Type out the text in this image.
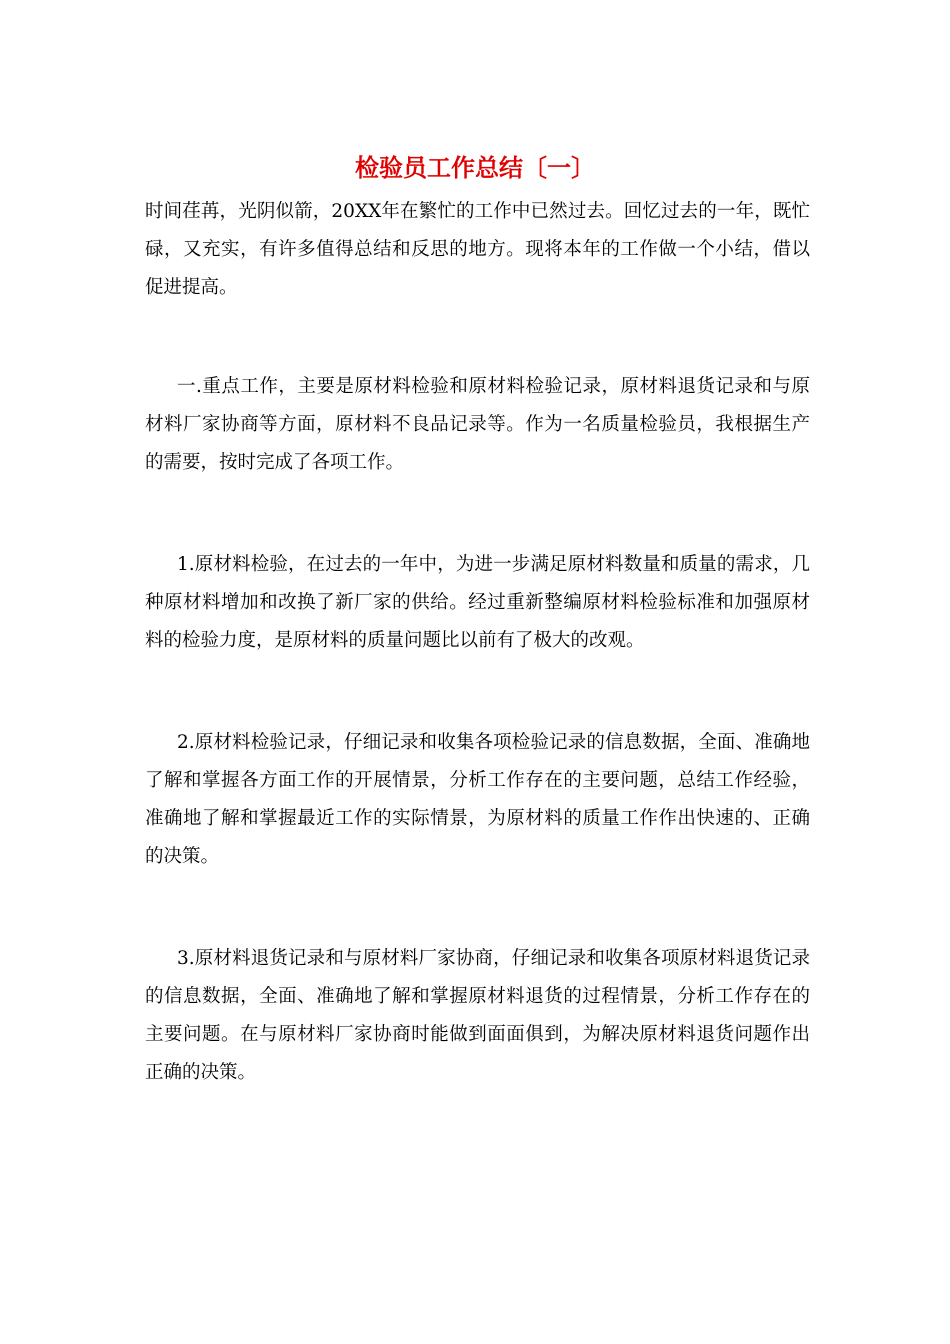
检验员工作总结〔一〕

时间荏苒，光阴似箭，20XX年在繁忙的工作中已然过去。回忆过去的一年，既忙碌，又充实，有许多值得总结和反思的地方。现将本年的工作做一个小结，借以促进提高。

一.重点工作，主要是原材料检验和原材料检验记录，原材料退货记录和与原材料厂家协商等方面，原材料不良品记录等。作为一名质量检验员，我根据生产的需要，按时完成了各项工作。

1.原材料检验，在过去的一年中，为进一步满足原材料数量和质量的需求，几种原材料增加和改换了新厂家的供给。经过重新整编原材料检验标准和加强原材料的检验力度，是原材料的质量问题比以前有了极大的改观。

2.原材料检验记录，仔细记录和收集各项检验记录的信息数据，全面、准确地了解和掌握各方面工作的开展情景，分析工作存在的主要问题，总结工作经验，准确地了解和掌握最近工作的实际情景，为原材料的质量工作作出快速的、正确的决策。

3.原材料退货记录和与原材料厂家协商，仔细记录和收集各项原材料退货记录的信息数据，全面、准确地了解和掌握原材料退货的过程情景，分析工作存在的主要问题。在与原材料厂家协商时能做到面面俱到，为解决原材料退货问题作出正确的决策。
